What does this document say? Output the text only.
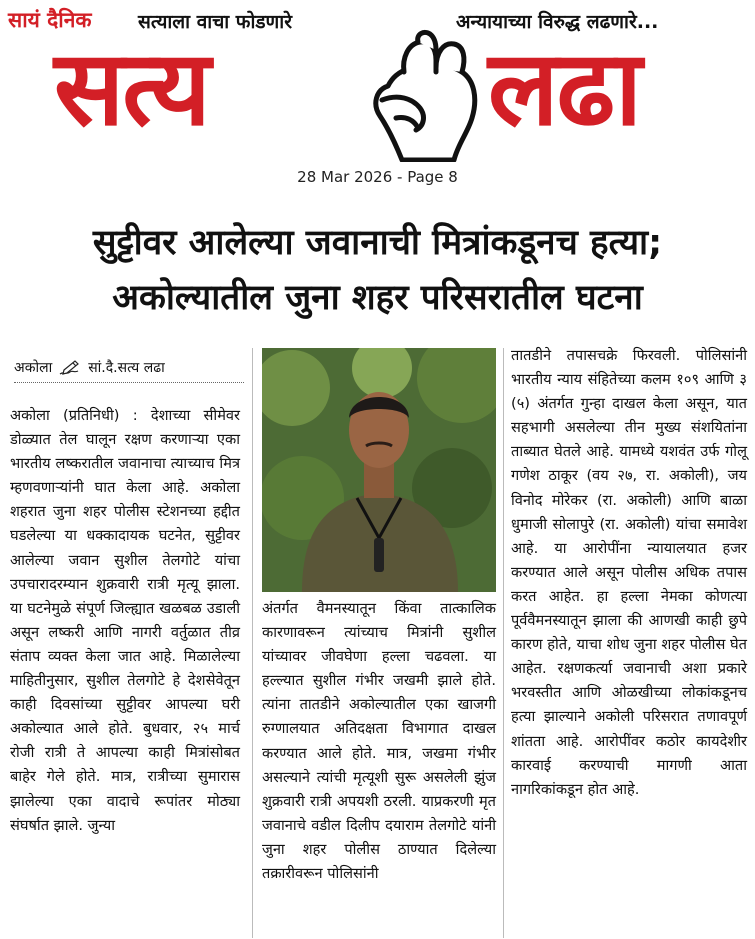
सायं दैनिक सत्याला वाचा फोडणारे	अन्यायाच्या विरुद्ध लढणारे...
सत्य	लढा
28 Mar 2026 - Page 8
सुट्टीवर आलेल्या जवानाची मित्रांकडूनच हत्या; अकोल्यातील जुना शहर परिसरातील घटना
अकोला	सां.दै.सत्य लढा

अकोला (प्रतिनिधी) : देशाच्या सीमेवर डोळ्यात तेल घालून रक्षण करणाऱ्या एका भारतीय लष्करातील जवानाचा त्याच्याच मित्र म्हणवणाऱ्यांनी घात केला आहे. अकोला शहरात जुना शहर पोलीस स्टेशनच्या हद्दीत घडलेल्या या धक्कादायक घटनेत, सुट्टीवर आलेल्या जवान सुशील तेलगोटे यांचा उपचारादरम्यान शुक्रवारी रात्री मृत्यू झाला. या घटनेमुळे संपूर्ण जिल्ह्यात खळबळ उडाली असून लष्करी आणि नागरी वर्तुळात तीव्र संताप व्यक्त केला जात आहे. मिळालेल्या माहितीनुसार, सुशील तेलगोटे हे देशसेवेतून काही दिवसांच्या सुट्टीवर आपल्या घरी अकोल्यात आले होते. बुधवार, २५ मार्च रोजी रात्री ते आपल्या काही मित्रांसोबत बाहेर गेले होते. मात्र, रात्रीच्या सुमारास झालेल्या एका वादाचे रूपांतर मोठ्या संघर्षात झाले. जुन्या

अंतर्गत वैमनस्यातून किंवा तात्कालिक कारणावरून त्यांच्याच मित्रांनी सुशील यांच्यावर जीवघेणा हल्ला चढवला. या हल्ल्यात सुशील गंभीर जखमी झाले होते. त्यांना तातडीने अकोल्यातील एका खाजगी रुग्णालयात अतिदक्षता विभागात दाखल करण्यात आले होते. मात्र, जखमा गंभीर असल्याने त्यांची मृत्यूशी सुरू असलेली झुंज शुक्रवारी रात्री अपयशी ठरली. याप्रकरणी मृत जवानाचे वडील दिलीप दयाराम तेलगोटे यांनी जुना शहर पोलीस ठाण्यात दिलेल्या तक्रारीवरून पोलिसांनी

तातडीने तपासचक्रे फिरवली. पोलिसांनी भारतीय न्याय संहितेच्या कलम १०९ आणि ३ (५) अंतर्गत गुन्हा दाखल केला असून, यात सहभागी असलेल्या तीन मुख्य संशयितांना ताब्यात घेतले आहे. यामध्ये यशवंत उर्फ गोलू गणेश ठाकूर (वय २७, रा. अकोली), जय विनोद मोरेकर (रा. अकोली) आणि बाळा धुमाजी सोलापुरे (रा. अकोली) यांचा समावेश आहे. या आरोपींना न्यायालयात हजर करण्यात आले असून पोलीस अधिक तपास करत आहेत. हा हल्ला नेमका कोणत्या पूर्ववैमनस्यातून झाला की आणखी काही छुपे कारण होते, याचा शोध जुना शहर पोलीस घेत आहेत. रक्षणकर्त्या जवानाची अशा प्रकारे भरवस्तीत आणि ओळखीच्या लोकांकडूनच हत्या झाल्याने अकोली परिसरात तणावपूर्ण शांतता आहे. आरोपींवर कठोर कायदेशीर कारवाई करण्याची मागणी आता नागरिकांकडून होत आहे.
